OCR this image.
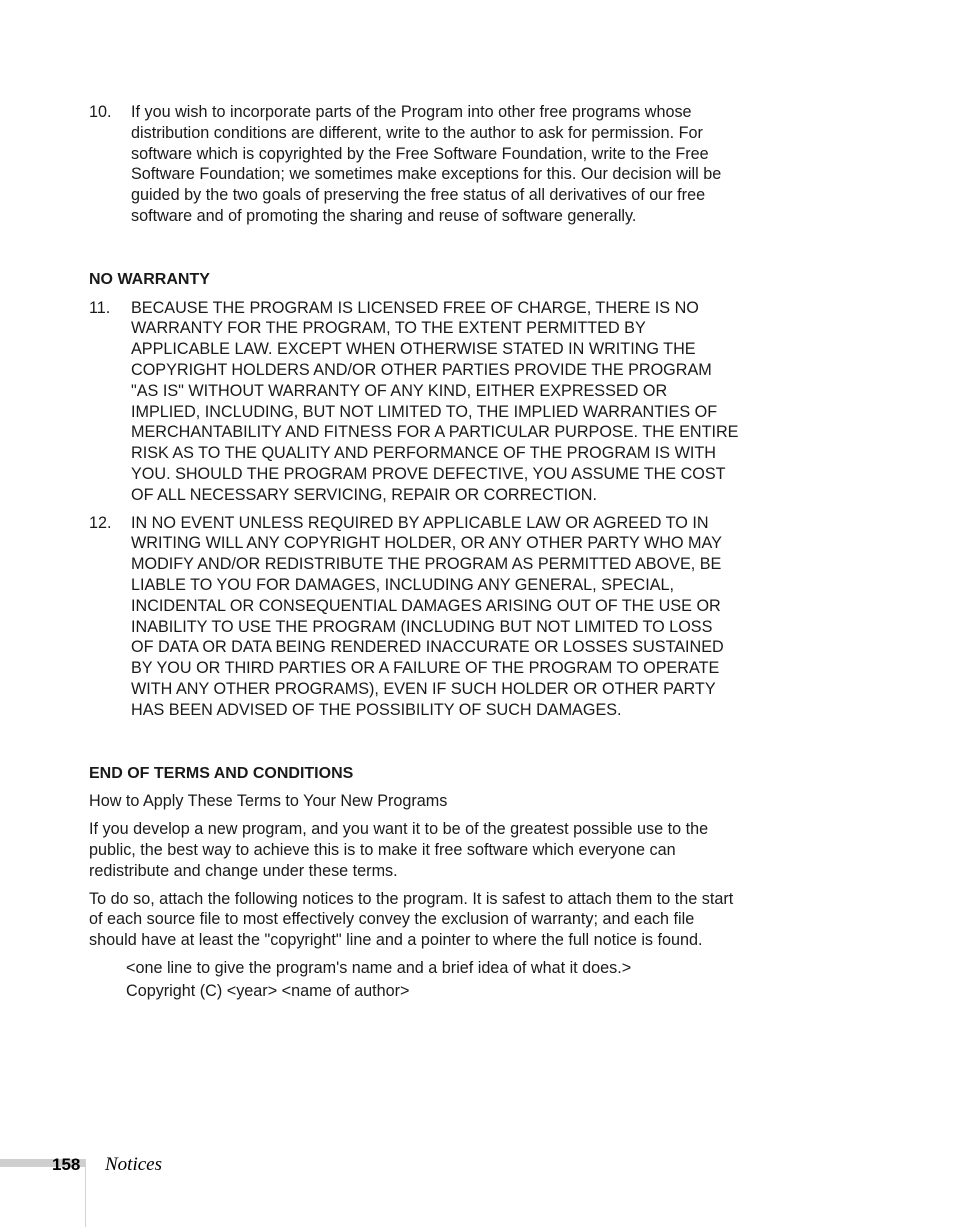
10. If you wish to incorporate parts of the Program into other free programs whose distribution conditions are different, write to the author to ask for permission. For software which is copyrighted by the Free Software Foundation, write to the Free Software Foundation; we sometimes make exceptions for this. Our decision will be guided by the two goals of preserving the free status of all derivatives of our free software and of promoting the sharing and reuse of software generally.

NO WARRANTY

11. BECAUSE THE PROGRAM IS LICENSED FREE OF CHARGE, THERE IS NO WARRANTY FOR THE PROGRAM, TO THE EXTENT PERMITTED BY APPLICABLE LAW. EXCEPT WHEN OTHERWISE STATED IN WRITING THE COPYRIGHT HOLDERS AND/OR OTHER PARTIES PROVIDE THE PROGRAM "AS IS" WITHOUT WARRANTY OF ANY KIND, EITHER EXPRESSED OR IMPLIED, INCLUDING, BUT NOT LIMITED TO, THE IMPLIED WARRANTIES OF MERCHANTABILITY AND FITNESS FOR A PARTICULAR PURPOSE. THE ENTIRE RISK AS TO THE QUALITY AND PERFORMANCE OF THE PROGRAM IS WITH YOU. SHOULD THE PROGRAM PROVE DEFECTIVE, YOU ASSUME THE COST OF ALL NECESSARY SERVICING, REPAIR OR CORRECTION.

12. IN NO EVENT UNLESS REQUIRED BY APPLICABLE LAW OR AGREED TO IN WRITING WILL ANY COPYRIGHT HOLDER, OR ANY OTHER PARTY WHO MAY MODIFY AND/OR REDISTRIBUTE THE PROGRAM AS PERMITTED ABOVE, BE LIABLE TO YOU FOR DAMAGES, INCLUDING ANY GENERAL, SPECIAL, INCIDENTAL OR CONSEQUENTIAL DAMAGES ARISING OUT OF THE USE OR INABILITY TO USE THE PROGRAM (INCLUDING BUT NOT LIMITED TO LOSS OF DATA OR DATA BEING RENDERED INACCURATE OR LOSSES SUSTAINED BY YOU OR THIRD PARTIES OR A FAILURE OF THE PROGRAM TO OPERATE WITH ANY OTHER PROGRAMS), EVEN IF SUCH HOLDER OR OTHER PARTY HAS BEEN ADVISED OF THE POSSIBILITY OF SUCH DAMAGES.

END OF TERMS AND CONDITIONS

How to Apply These Terms to Your New Programs

If you develop a new program, and you want it to be of the greatest possible use to the public, the best way to achieve this is to make it free software which everyone can redistribute and change under these terms.

To do so, attach the following notices to the program. It is safest to attach them to the start of each source file to most effectively convey the exclusion of warranty; and each file should have at least the "copyright" line and a pointer to where the full notice is found.

<one line to give the program's name and a brief idea of what it does.>

Copyright (C) <year> <name of author>

158 Notices
